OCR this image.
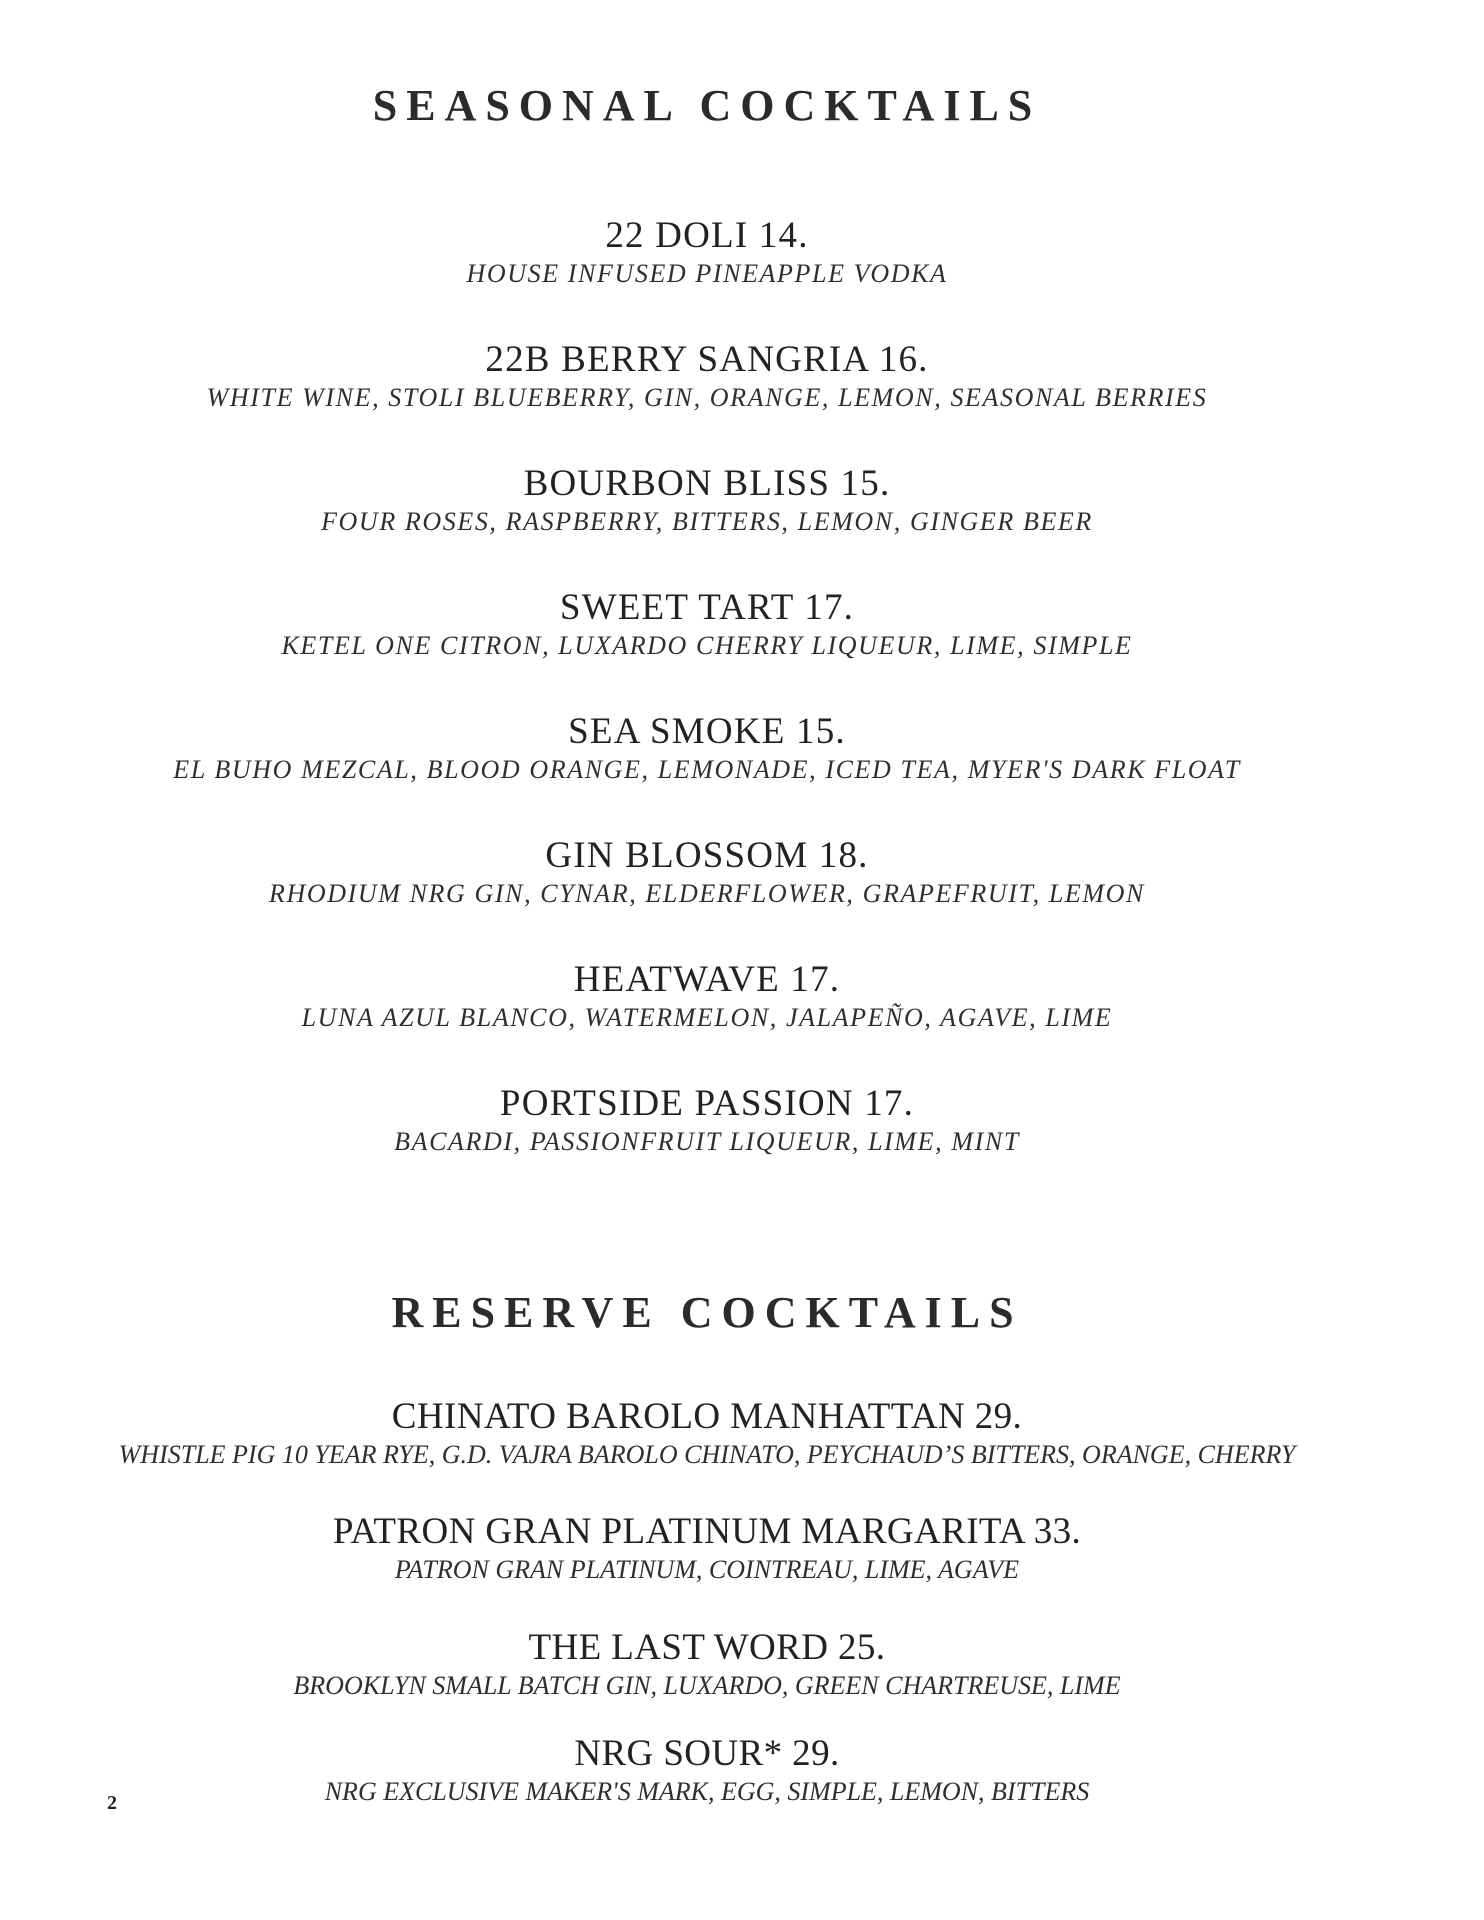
SEASONAL COCKTAILS
22 DOLI 14.
HOUSE INFUSED PINEAPPLE VODKA
22B BERRY SANGRIA 16.
WHITE WINE, STOLI BLUEBERRY, GIN, ORANGE, LEMON, SEASONAL BERRIES
BOURBON BLISS 15.
FOUR ROSES, RASPBERRY, BITTERS, LEMON, GINGER BEER
SWEET TART 17.
KETEL ONE CITRON, LUXARDO CHERRY LIQUEUR, LIME, SIMPLE
SEA SMOKE 15.
EL BUHO MEZCAL, BLOOD ORANGE, LEMONADE, ICED TEA, MYER'S DARK FLOAT
GIN BLOSSOM 18.
RHODIUM NRG GIN, CYNAR, ELDERFLOWER, GRAPEFRUIT, LEMON
HEATWAVE 17.
LUNA AZUL BLANCO, WATERMELON, JALAPEÑO, AGAVE, LIME
PORTSIDE PASSION 17.
BACARDI, PASSIONFRUIT LIQUEUR, LIME, MINT
RESERVE COCKTAILS
CHINATO BAROLO MANHATTAN 29.
WHISTLE PIG 10 YEAR RYE, G.D. VAJRA BAROLO CHINATO, PEYCHAUD’S BITTERS, ORANGE, CHERRY
PATRON GRAN PLATINUM MARGARITA 33.
PATRON GRAN PLATINUM, COINTREAU, LIME, AGAVE
THE LAST WORD 25.
BROOKLYN SMALL BATCH GIN, LUXARDO, GREEN CHARTREUSE, LIME
NRG SOUR* 29.
NRG EXCLUSIVE MAKER'S MARK, EGG, SIMPLE, LEMON, BITTERS
2
